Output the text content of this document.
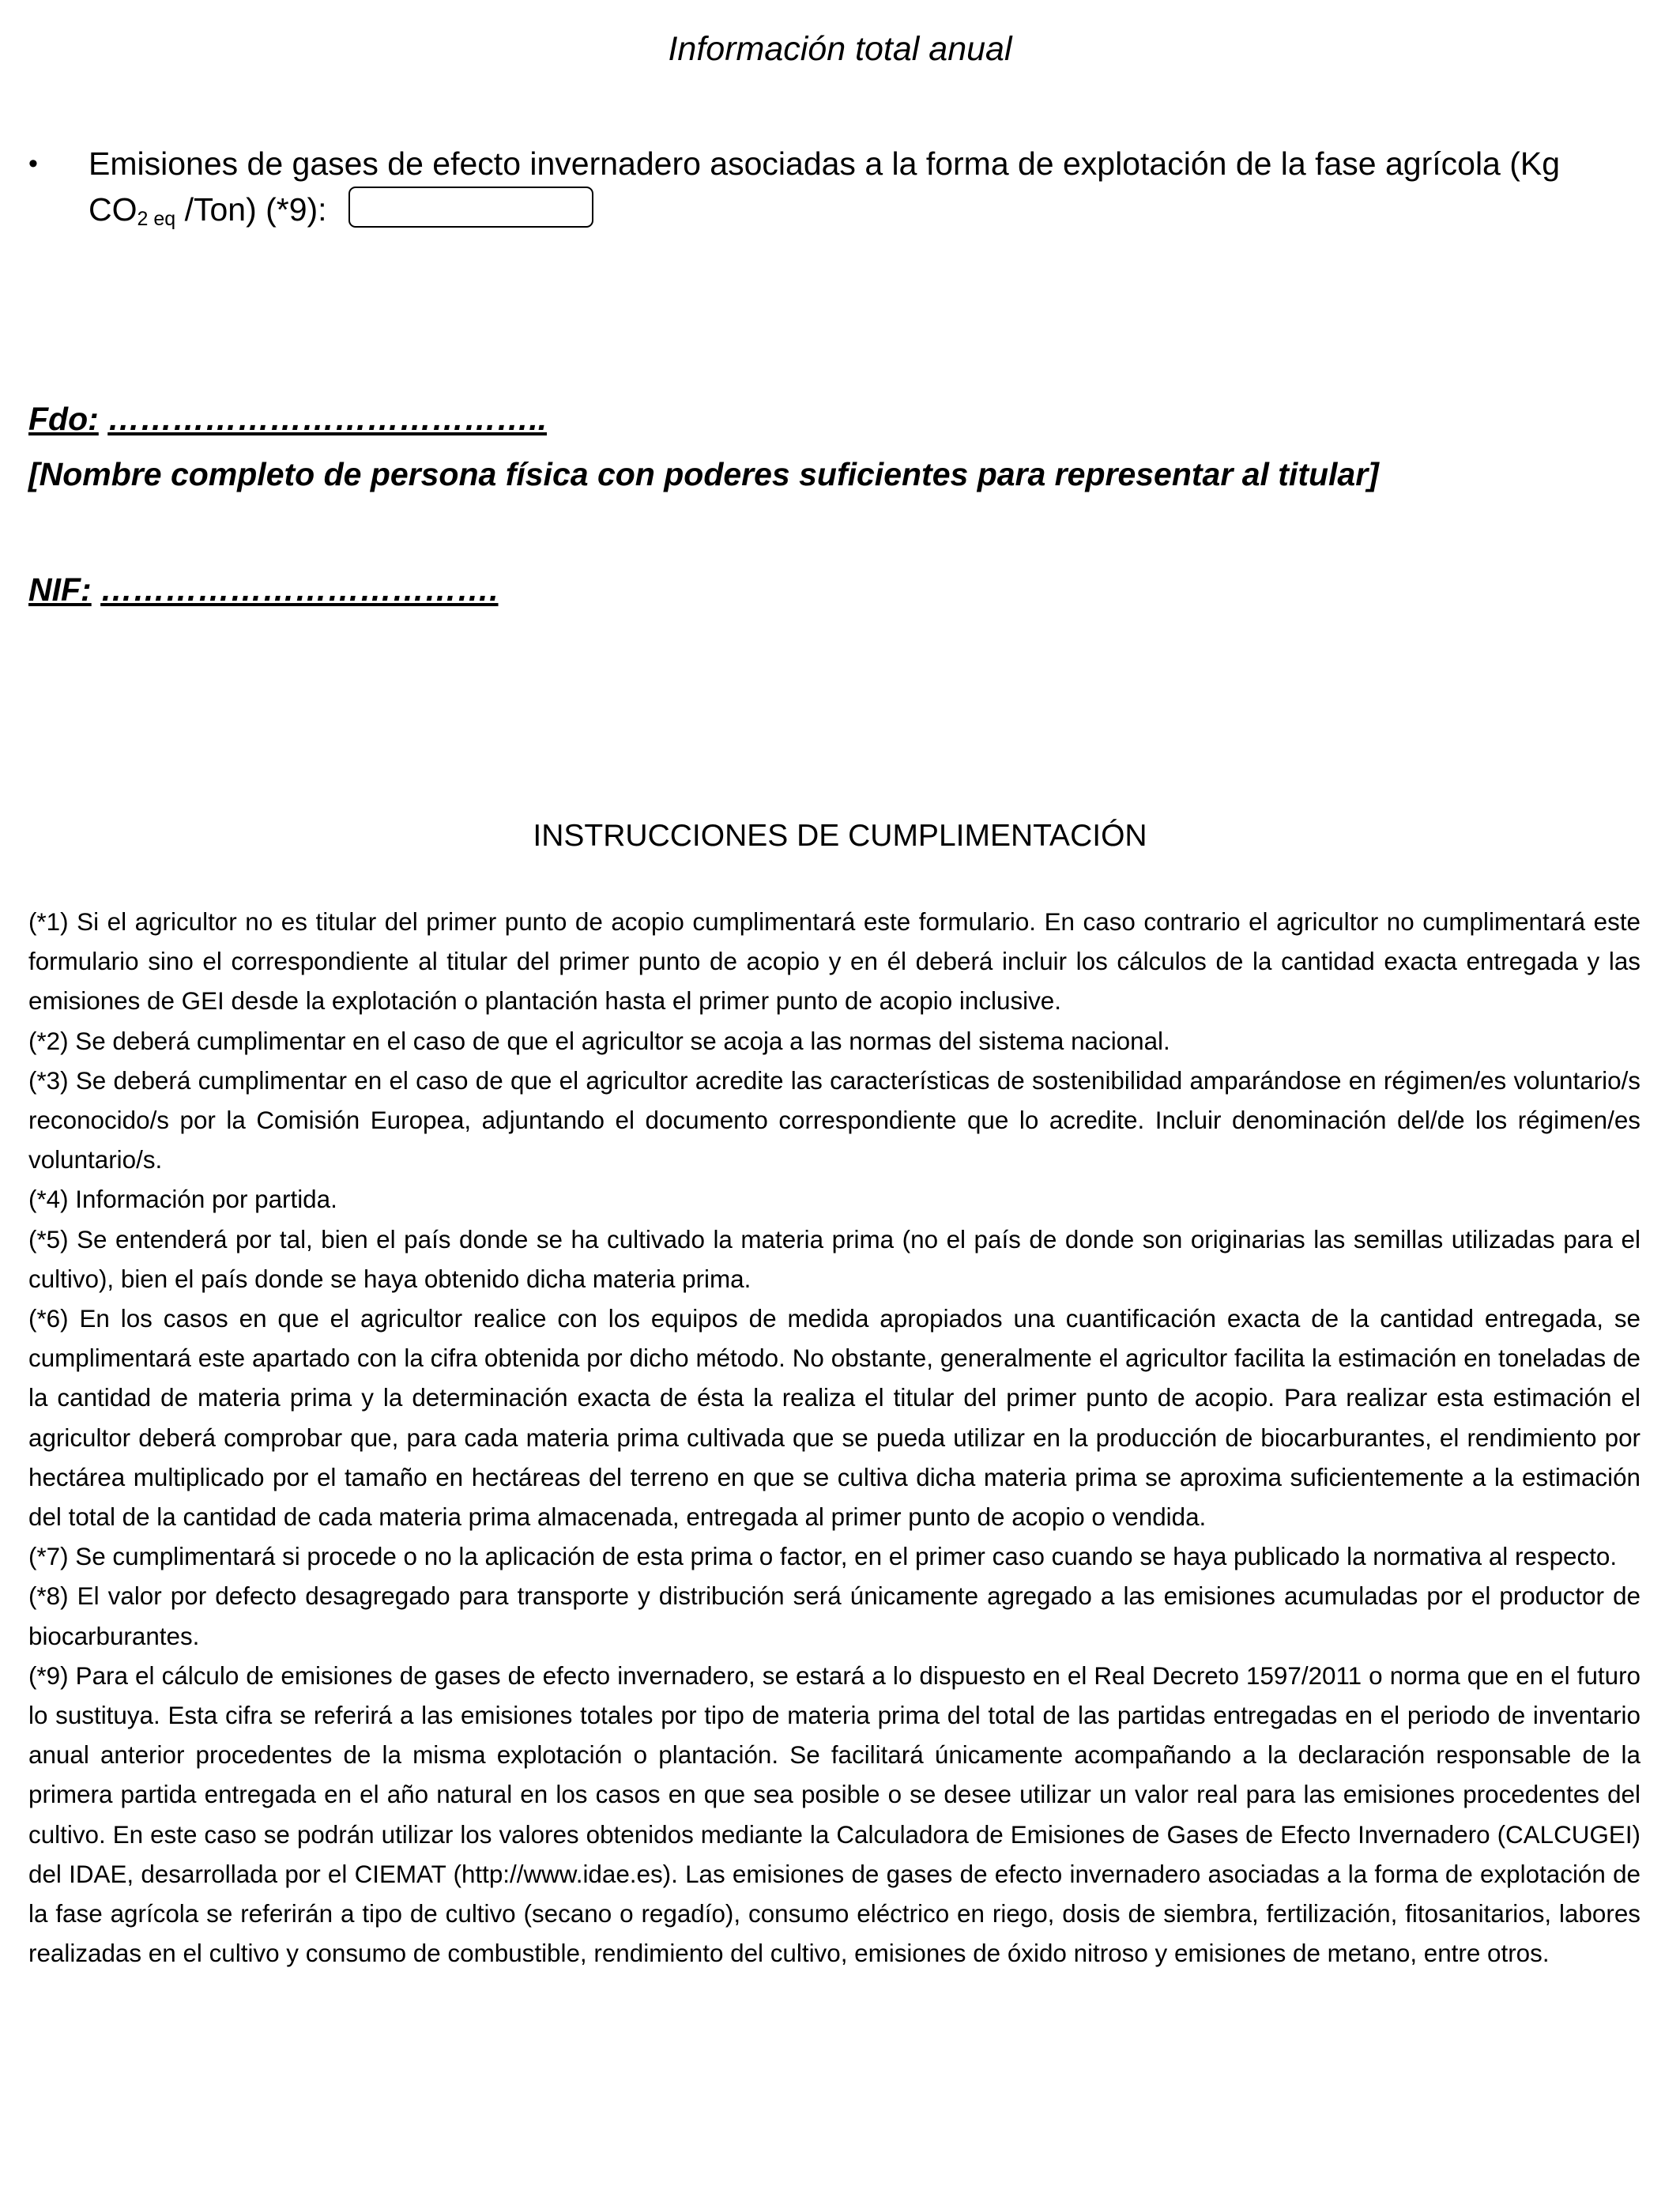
Información total anual
• Emisiones de gases de efecto invernadero asociadas a la forma de explotación de la fase agrícola (Kg
$CO_{2 eq}$ /Ton) (*9):
Fdo: …………………………………..
[Nombre completo de persona física con poderes suficientes para representar al titular]
NIF: ……………………………….
INSTRUCCIONES DE CUMPLIMENTACIÓN

(*1) Si el agricultor no es titular del primer punto de acopio cumplimentará este formulario. En caso contrario el agricultor no cumplimentará este formulario sino el correspondiente al titular del primer punto de acopio y en él deberá incluir los cálculos de la cantidad exacta entregada y las emisiones de GEI desde la explotación o plantación hasta el primer punto de acopio inclusive.

(*2) Se deberá cumplimentar en el caso de que el agricultor se acoja a las normas del sistema nacional.

(*3) Se deberá cumplimentar en el caso de que el agricultor acredite las características de sostenibilidad amparándose en régimen/es voluntario/s reconocido/s por la Comisión Europea, adjuntando el documento correspondiente que lo acredite. Incluir denominación del/de los régimen/es voluntario/s.

(*4) Información por partida.

(*5) Se entenderá por tal, bien el país donde se ha cultivado la materia prima (no el país de donde son originarias las semillas utilizadas para el cultivo), bien el país donde se haya obtenido dicha materia prima.

(*6) En los casos en que el agricultor realice con los equipos de medida apropiados una cuantificación exacta de la cantidad entregada, se cumplimentará este apartado con la cifra obtenida por dicho método. No obstante, generalmente el agricultor facilita la estimación en toneladas de la cantidad de materia prima y la determinación exacta de ésta la realiza el titular del primer punto de acopio. Para realizar esta estimación el agricultor deberá comprobar que, para cada materia prima cultivada que se pueda utilizar en la producción de biocarburantes, el rendimiento por hectárea multiplicado por el tamaño en hectáreas del terreno en que se cultiva dicha materia prima se aproxima suficientemente a la estimación del total de la cantidad de cada materia prima almacenada, entregada al primer punto de acopio o vendida.

(*7) Se cumplimentará si procede o no la aplicación de esta prima o factor, en el primer caso cuando se haya publicado la normativa al respecto.

(*8) El valor por defecto desagregado para transporte y distribución será únicamente agregado a las emisiones acumuladas por el productor de biocarburantes.

(*9) Para el cálculo de emisiones de gases de efecto invernadero, se estará a lo dispuesto en el Real Decreto 1597/2011 o norma que en el futuro lo sustituya. Esta cifra se referirá a las emisiones totales por tipo de materia prima del total de las partidas entregadas en el periodo de inventario anual anterior procedentes de la misma explotación o plantación. Se facilitará únicamente acompañando a la declaración responsable de la primera partida entregada en el año natural en los casos en que sea posible o se desee utilizar un valor real para las emisiones procedentes del cultivo. En este caso se podrán utilizar los valores obtenidos mediante la Calculadora de Emisiones de Gases de Efecto Invernadero (CALCUGEI) del IDAE, desarrollada por el CIEMAT (http://www.idae.es). Las emisiones de gases de efecto invernadero asociadas a la forma de explotación de la fase agrícola se referirán a tipo de cultivo (secano o regadío), consumo eléctrico en riego, dosis de siembra, fertilización, fitosanitarios, labores realizadas en el cultivo y consumo de combustible, rendimiento del cultivo, emisiones de óxido nitroso y emisiones de metano, entre otros.
